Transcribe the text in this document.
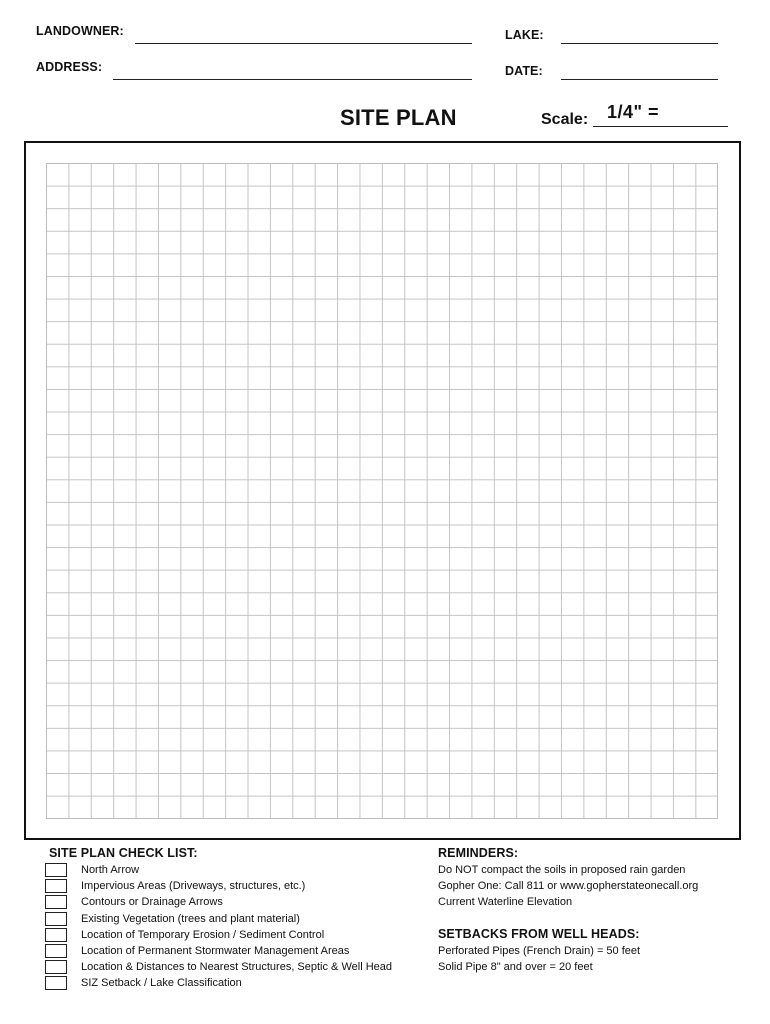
LANDOWNER:
ADDRESS:
LAKE:
DATE:
SITE PLAN	Scale: 1/4" =
SITE PLAN CHECK LIST:
North Arrow
Impervious Areas (Driveways, structures, etc.)
Contours or Drainage Arrows
Existing Vegetation (trees and plant material)
Location of Temporary Erosion / Sediment Control
Location of Permanent Stormwater Management Areas
Location & Distances to Nearest Structures, Septic & Well Head
SIZ Setback / Lake Classification
REMINDERS:
Do NOT compact the soils in proposed rain garden
Gopher One: Call 811 or www.gopherstateonecall.org
Current Waterline Elevation
SETBACKS FROM WELL HEADS:
Perforated Pipes (French Drain) = 50 feet
Solid Pipe 8" and over = 20 feet
